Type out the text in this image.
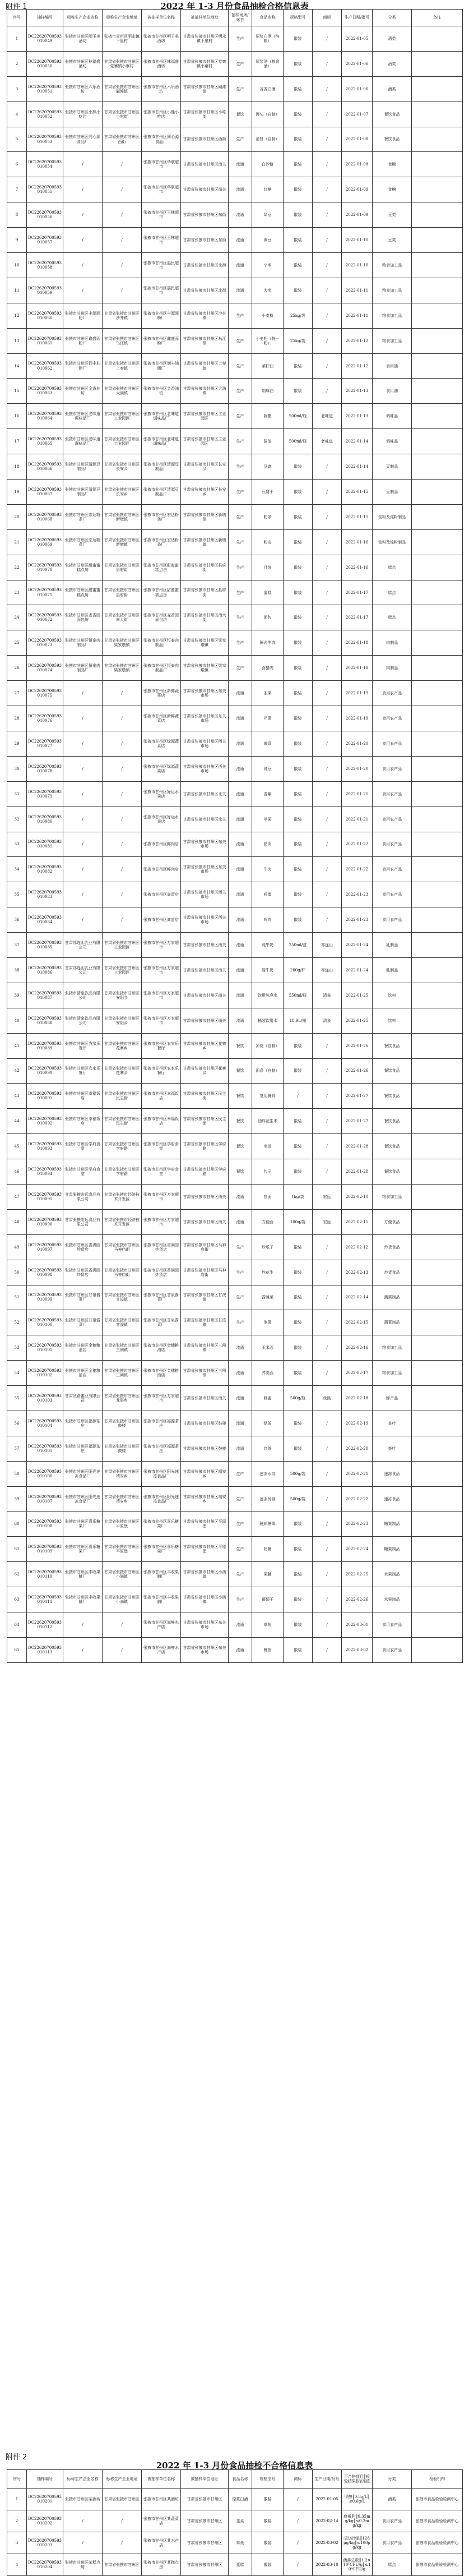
附件 1	2022 年 1-3 月份食品抽检合格信息表
序号	抽样编号	标称生产企业名称	标称生产企业地址	被抽样单位名称	被抽样单位地址	抽样场所/环节	食品名称	规格型号	商标	生产日期/批号	分类	备注
1	DC22620700593010049	张掖市甘州区明玉美酒坊	张掖市甘州区明永镇下崖村	张掖市甘州区明玉美酒坊	甘肃省张掖市甘州区明永镇下崖村	生产	原浆白酒（纯粮）	散装	/	2022-01-05	酒类	
2	DC22620700593010050	张掖市甘州区林福盛酒坊	甘肃省张掖市甘州区党寨镇小寨村	张掖市甘州区林福盛酒坊	甘肃省张掖市甘州区党寨镇小寨村	生产	原浆酒（粮食酒）	散装	/	2022-01-06	酒类	
3	DC22620700593010051	张掖市甘州区六乐酒坊	甘肃省张掖市甘州区碱滩镇	张掖市甘州区六乐酒坊	甘肃省张掖市甘州区碱滩镇	生产	谷香白酒	散装	/	2022-01-06	酒类	
4	DC22620700593010052	张掖市甘州区小熊小吃店	甘肃省张掖市甘州区小吃街	张掖市甘州区小熊小吃店	甘肃省张掖市甘州区小吃街	餐饮	馒头（自制）	散装	/	2022-01-07	餐饮食品	
5	DC22620700593010053	张掖市甘州区同心源食品厂	甘肃省张掖市甘州区西街	张掖市甘州区同心源食品厂	甘肃省张掖市甘州区西街	生产	油饼（自制）	散装	/	2022-01-08	餐饮食品	
6	DC22620700593010054	/	/	张掖市甘州区华联超市	甘肃省张掖市甘州区南关	流通	白砂糖	散装	/	2022-01-08	食糖	
7	DC22620700593010055	/	/	张掖市甘州区华联超市	甘肃省张掖市甘州区南关	流通	红糖	散装	/	2022-01-09	食糖	
8	DC22620700593010056	/	/	张掖市甘州区玉林超市	甘肃省张掖市甘州区东街	流通	绿豆	散装	/	2022-01-09	豆类	
9	DC22620700593010057	/	/	张掖市甘州区玉林超市	甘肃省张掖市甘州区东街	流通	黄豆	散装	/	2022-01-10	豆类	
10	DC22620700593010058	/	/	张掖市甘州区惠民超市	甘肃省张掖市甘州区北街	流通	小米	散装	/	2022-01-10	粮食加工品	
11	DC22620700593010059	/	/	张掖市甘州区惠民超市	甘肃省张掖市甘州区北街	流通	大米	散装	/	2022-01-11	粮食加工品	
12	DC22620700593010060	张掖市甘州区丰源面粉厂	甘肃省张掖市甘州区沙井镇	张掖市甘州区丰源面粉厂	甘肃省张掖市甘州区沙井镇	生产	小麦粉	25kg/袋	/	2022-01-11	粮食加工品	
13	DC22620700593010061	张掖市甘州区鑫盛面粉厂	甘肃省张掖市甘州区乌江镇	张掖市甘州区鑫盛面粉厂	甘肃省张掖市甘州区乌江镇	生产	小麦粉（特一粉）	25kg/袋	/	2022-01-12	粮食加工品	
14	DC22620700593010062	张掖市甘州区润丰油脂厂	甘肃省张掖市甘州区上秦镇	张掖市甘州区润丰油脂厂	甘肃省张掖市甘州区上秦镇	生产	菜籽油	散装	/	2022-01-12	食用油	
15	DC22620700593010063	张掖市甘州区金香油坊	甘肃省张掖市甘州区大满镇	张掖市甘州区金香油坊	甘肃省张掖市甘州区大满镇	生产	胡麻油	散装	/	2022-01-13	食用油	
16	DC22620700593010064	张掖市甘州区老味道调味品厂	甘肃省张掖市甘州区工业园区	张掖市甘州区老味道调味品厂	甘肃省张掖市甘州区工业园区	生产	陈醋	500ml/瓶	老味道	2022-01-13	调味品	
17	DC22620700593010065	张掖市甘州区老味道调味品厂	甘肃省张掖市甘州区工业园区	张掖市甘州区老味道调味品厂	甘肃省张掖市甘州区工业园区	生产	酱油	500ml/瓶	老味道	2022-01-14	调味品	
18	DC22620700593010066	张掖市甘州区清源豆制品厂	甘肃省张掖市甘州区长安乡	张掖市甘州区清源豆制品厂	甘肃省张掖市甘州区长安乡	生产	豆腐	散装	/	2022-01-14	豆制品	
19	DC22620700593010067	张掖市甘州区清源豆制品厂	甘肃省张掖市甘州区长安乡	张掖市甘州区清源豆制品厂	甘肃省张掖市甘州区长安乡	生产	豆腐干	散装	/	2022-01-15	豆制品	
20	DC22620700593010068	张掖市甘州区宏达粉条厂	甘肃省张掖市甘州区新墩镇	张掖市甘州区宏达粉条厂	甘肃省张掖市甘州区新墩镇	生产	粉条	散装	/	2022-01-15	淀粉及淀粉制品	
21	DC22620700593010069	张掖市甘州区宏达粉条厂	甘肃省张掖市甘州区新墩镇	张掖市甘州区宏达粉条厂	甘肃省张掖市甘州区新墩镇	生产	粉皮	散装	/	2022-01-16	淀粉及淀粉制品	
22	DC22620700593010070	张掖市甘州区甜蜜蜜糕点房	甘肃省张掖市甘州区县府街	张掖市甘州区甜蜜蜜糕点房	甘肃省张掖市甘州区县府街	生产	月饼	散装	/	2022-01-16	糕点	
23	DC22620700593010071	张掖市甘州区甜蜜蜜糕点房	甘肃省张掖市甘州区县府街	张掖市甘州区甜蜜蜜糕点房	甘肃省张掖市甘州区县府街	生产	蛋糕	散装	/	2022-01-17	糕点	
24	DC22620700593010072	张掖市甘州区麦香园面包坊	甘肃省张掖市甘州区南大街	张掖市甘州区麦香园面包坊	甘肃省张掖市甘州区南大街	生产	面包	散装	/	2022-01-17	糕点	
25	DC22620700593010073	张掖市甘州区恒泰肉制品厂	甘肃省张掖市甘州区梁家墩镇	张掖市甘州区恒泰肉制品厂	甘肃省张掖市甘州区梁家墩镇	生产	酱卤牛肉	散装	/	2022-01-18	肉制品	
26	DC22620700593010074	张掖市甘州区恒泰肉制品厂	甘肃省张掖市甘州区梁家墩镇	张掖市甘州区恒泰肉制品厂	甘肃省张掖市甘州区梁家墩镇	生产	卤猪肉	散装	/	2022-01-18	肉制品	
27	DC22620700593010075	/	/	张掖市甘州区新鲜蔬菜店	甘肃省张掖市甘州区东关市场	流通	韭菜	散装	/	2022-01-19	食用农产品	
28	DC22620700593010076	/	/	张掖市甘州区新鲜蔬菜店	甘肃省张掖市甘州区东关市场	流通	芹菜	散装	/	2022-01-19	食用农产品	
29	DC22620700593010077	/	/	张掖市甘州区绿源蔬菜店	甘肃省张掖市甘州区西关市场	流通	菠菜	散装	/	2022-01-20	食用农产品	
30	DC22620700593010078	/	/	张掖市甘州区绿源蔬菜店	甘肃省张掖市甘州区西关市场	流通	豇豆	散装	/	2022-01-20	食用农产品	
31	DC22620700593010079	/	/	张掖市甘州区好运水果店	甘肃省张掖市甘州区北关	流通	香蕉	散装	/	2022-01-21	食用农产品	
32	DC22620700593010080	/	/	张掖市甘州区好运水果店	甘肃省张掖市甘州区北关	流通	苹果	散装	/	2022-01-21	食用农产品	
33	DC22620700593010081	/	/	张掖市甘州区鲜肉店	甘肃省张掖市甘州区东关市场	流通	猪肉	散装	/	2022-01-22	食用农产品	
34	DC22620700593010082	/	/	张掖市甘州区鲜肉店	甘肃省张掖市甘州区东关市场	流通	牛肉	散装	/	2022-01-22	食用农产品	
35	DC22620700593010083	/	/	张掖市甘州区禽蛋店	甘肃省张掖市甘州区西关市场	流通	鸡蛋	散装	/	2022-01-23	食用农产品	
36	DC22620700593010084	/	/	张掖市甘州区禽蛋店	甘肃省张掖市甘州区西关市场	流通	鸡肉	散装	/	2022-01-23	食用农产品	
37	DC22620700593010085	甘肃祁连山乳业有限公司	甘肃省张掖市甘州区工业园区	张掖市甘州区万家超市	甘肃省张掖市甘州区南关	流通	纯牛奶	250ml/盒	祁连山	2022-01-24	乳制品	
38	DC22620700593010086	甘肃祁连山乳业有限公司	甘肃省张掖市甘州区工业园区	张掖市甘州区万家超市	甘肃省张掖市甘州区南关	流通	酸牛奶	200g/杯	祁连山	2022-01-24	乳制品	
39	DC22620700593010087	张掖市清泉饮品有限公司	甘肃省张掖市甘州区安阳乡	张掖市甘州区万家超市	甘肃省张掖市甘州区南关	流通	饮用纯净水	550ml/瓶	清泉	2022-01-25	饮料	
40	DC22620700593010088	张掖市清泉饮品有限公司	甘肃省张掖市甘州区安阳乡	张掖市甘州区万家超市	甘肃省张掖市甘州区南关	流通	桶装饮用水	18.9L/桶	清泉	2022-01-25	饮料	
41	DC22620700593010089	张掖市甘州区农家乐餐厅	甘肃省张掖市甘州区花寨乡	张掖市甘州区农家乐餐厅	甘肃省张掖市甘州区花寨乡	餐饮	凉皮（自制）	散装	/	2022-01-26	餐饮食品	
42	DC22620700593010090	张掖市甘州区农家乐餐厅	甘肃省张掖市甘州区花寨乡	张掖市甘州区农家乐餐厅	甘肃省张掖市甘州区花寨乡	餐饮	面条（自制）	散装	/	2022-01-26	餐饮食品	
43	DC22620700593010091	张掖市甘州区幸福饭店	甘肃省张掖市甘州区民主街	张掖市甘州区幸福饭店	甘肃省张掖市甘州区民主街	餐饮	复用餐具	/	/	2022-01-27	餐饮食品	
44	DC22620700593010092	张掖市甘州区幸福饭店	甘肃省张掖市甘州区民主街	张掖市甘州区幸福饭店	甘肃省张掖市甘州区民主街	餐饮	油炸花生米	散装	/	2022-01-27	餐饮食品	
45	DC22620700593010093	张掖市甘州区学府食堂	甘肃省张掖市甘州区学府路	张掖市甘州区学府食堂	甘肃省张掖市甘州区学府路	餐饮	米饭	散装	/	2022-01-28	餐饮食品	
46	DC22620700593010094	张掖市甘州区学府食堂	甘肃省张掖市甘州区学府路	张掖市甘州区学府食堂	甘肃省张掖市甘州区学府路	餐饮	包子	散装	/	2022-01-28	餐饮食品	
47	DC22620700593010095	甘肃张掖宏远食品有限公司	甘肃省张掖市经济技术开发区	张掖市甘州区万家超市	甘肃省张掖市甘州区南关	流通	挂面	1kg/袋	宏远	2022-02-10	粮食加工品	
48	DC22620700593010096	甘肃张掖宏远食品有限公司	甘肃省张掖市经济技术开发区	张掖市甘州区万家超市	甘肃省张掖市甘州区南关	流通	方便面	100g/袋	宏远	2022-02-11	方便食品	
49	DC22620700593010097	张掖市甘州区香满园炒货店	甘肃省张掖市甘州区马神庙街	张掖市甘州区香满园炒货店	甘肃省张掖市甘州区马神庙街	生产	炒瓜子	散装	/	2022-02-12	炒货食品	
50	DC22620700593010098	张掖市甘州区香满园炒货店	甘肃省张掖市甘州区马神庙街	张掖市甘州区香满园炒货店	甘肃省张掖市甘州区马神庙街	生产	炒花生	散装	/	2022-02-13	炒货食品	
51	DC22620700593010099	张掖市甘州区甘泉酱菜厂	甘肃省张掖市甘州区甘浚镇	张掖市甘州区甘泉酱菜厂	甘肃省张掖市甘州区甘浚镇	生产	酱腌菜	散装	/	2022-02-14	蔬菜制品	
52	DC22620700593010100	张掖市甘州区甘泉酱菜厂	甘肃省张掖市甘州区甘浚镇	张掖市甘州区甘泉酱菜厂	甘肃省张掖市甘州区甘浚镇	生产	泡菜	散装	/	2022-02-15	蔬菜制品	
53	DC22620700593010101	张掖市甘州区金穗粮油店	甘肃省张掖市甘州区三闸镇	张掖市甘州区金穗粮油店	甘肃省张掖市甘州区三闸镇	流通	玉米面	散装	/	2022-02-16	粮食加工品	
54	DC22620700593010102	张掖市甘州区金穗粮油店	甘肃省张掖市甘州区三闸镇	张掖市甘州区金穗粮油店	甘肃省张掖市甘州区三闸镇	流通	荞麦面	散装	/	2022-02-17	粮食加工品	
55	DC22620700593010103	甘肃丝路蜜业有限公司	甘肃省张掖市甘州区龙渠乡	张掖市甘州区万家超市	甘肃省张掖市甘州区南关	流通	蜂蜜	500g/瓶	丝路	2022-02-18	蜂产品	
56	DC22620700593010104	张掖市甘州区福源茶庄	甘肃省张掖市甘州区鼓楼	张掖市甘州区福源茶庄	甘肃省张掖市甘州区鼓楼	流通	绿茶	散装	/	2022-02-19	茶叶	
57	DC22620700593010105	张掖市甘州区福源茶庄	甘肃省张掖市甘州区鼓楼	张掖市甘州区福源茶庄	甘肃省张掖市甘州区鼓楼	流通	红茶	散装	/	2022-02-20	茶叶	
58	DC22620700593010106	张掖市甘州区阳光速冻食品厂	甘肃省张掖市甘州区靖安乡	张掖市甘州区阳光速冻食品厂	甘肃省张掖市甘州区靖安乡	生产	速冻水饺	500g/袋	/	2022-02-21	速冻食品	
59	DC22620700593010107	张掖市甘州区阳光速冻食品厂	甘肃省张掖市甘州区靖安乡	张掖市甘州区阳光速冻食品厂	甘肃省张掖市甘州区靖安乡	生产	速冻汤圆	500g/袋	/	2022-02-22	速冻食品	
60	DC22620700593010108	张掖市甘州区喜乐糖果厂	甘肃省张掖市甘州区平原堡	张掖市甘州区喜乐糖果厂	甘肃省张掖市甘州区平原堡	生产	硬质糖果	散装	/	2022-02-23	糖果制品	
61	DC22620700593010109	张掖市甘州区喜乐糖果厂	甘肃省张掖市甘州区平原堡	张掖市甘州区喜乐糖果厂	甘肃省张掖市甘州区平原堡	生产	奶糖	散装	/	2022-02-24	糖果制品	
62	DC22620700593010110	张掖市甘州区丰收果脯厂	甘肃省张掖市甘州区小满镇	张掖市甘州区丰收果脯厂	甘肃省张掖市甘州区小满镇	生产	果脯	散装	/	2022-02-25	水果制品	
63	DC22620700593010111	张掖市甘州区丰收果脯厂	甘肃省张掖市甘州区小满镇	张掖市甘州区丰收果脯厂	甘肃省张掖市甘州区小满镇	生产	葡萄干	散装	/	2022-02-26	水果制品	
64	DC22620700593010112	/	/	张掖市甘州区海鲜水产店	甘肃省张掖市甘州区东关市场	流通	草鱼	散装	/	2022-03-01	食用农产品	
65	DC22620700593010113	/	/	张掖市甘州区海鲜水产店	甘肃省张掖市甘州区东关市场	流通	鲤鱼	散装	/	2022-03-02	食用农产品	
附件 2
2022 年 1-3 月份食品抽检不合格信息表
序号	抽样编号	标称生产企业名称	标称生产企业地址	被抽样单位名称	被抽样单位地址	食品名称	规格型号	商标	生产日期/批号	不合格项目║检验结果║标准值	分类	检验机构
1	DC22620700593010201	张掖市甘州区某酒坊	甘肃省张掖市甘州区	张掖市甘州区某酒坊	甘肃省张掖市甘州区	原浆白酒	散装	/	2022-01-05	甲醇║0.8g/L║≤0.6g/L	酒类	张掖市食品检验检测中心
2	DC22620700593010202	/	/	张掖市甘州区某蔬菜店	甘肃省张掖市甘州区	韭菜	散装	/	2022-02-14	腐霉利║0.35mg/kg║≤0.2mg/kg	食用农产品	张掖市食品检验检测中心
3	DC22620700593010203	/	/	张掖市甘州区某水产店	甘肃省张掖市甘州区	草鱼	散装	/	2022-03-02	恩诺沙星║128μg/kg║≤100μg/kg	食用农产品	张掖市食品检验检测中心
4	DC22620700593010204	张掖市甘州区某糕点房	甘肃省张掖市甘州区	张掖市甘州区某糕点房	甘肃省张掖市甘州区	蛋糕	散装	/	2022-03-10	菌落总数║1.2×10⁵CFU/g║≤10⁴CFU/g	糕点	张掖市食品检验检测中心
